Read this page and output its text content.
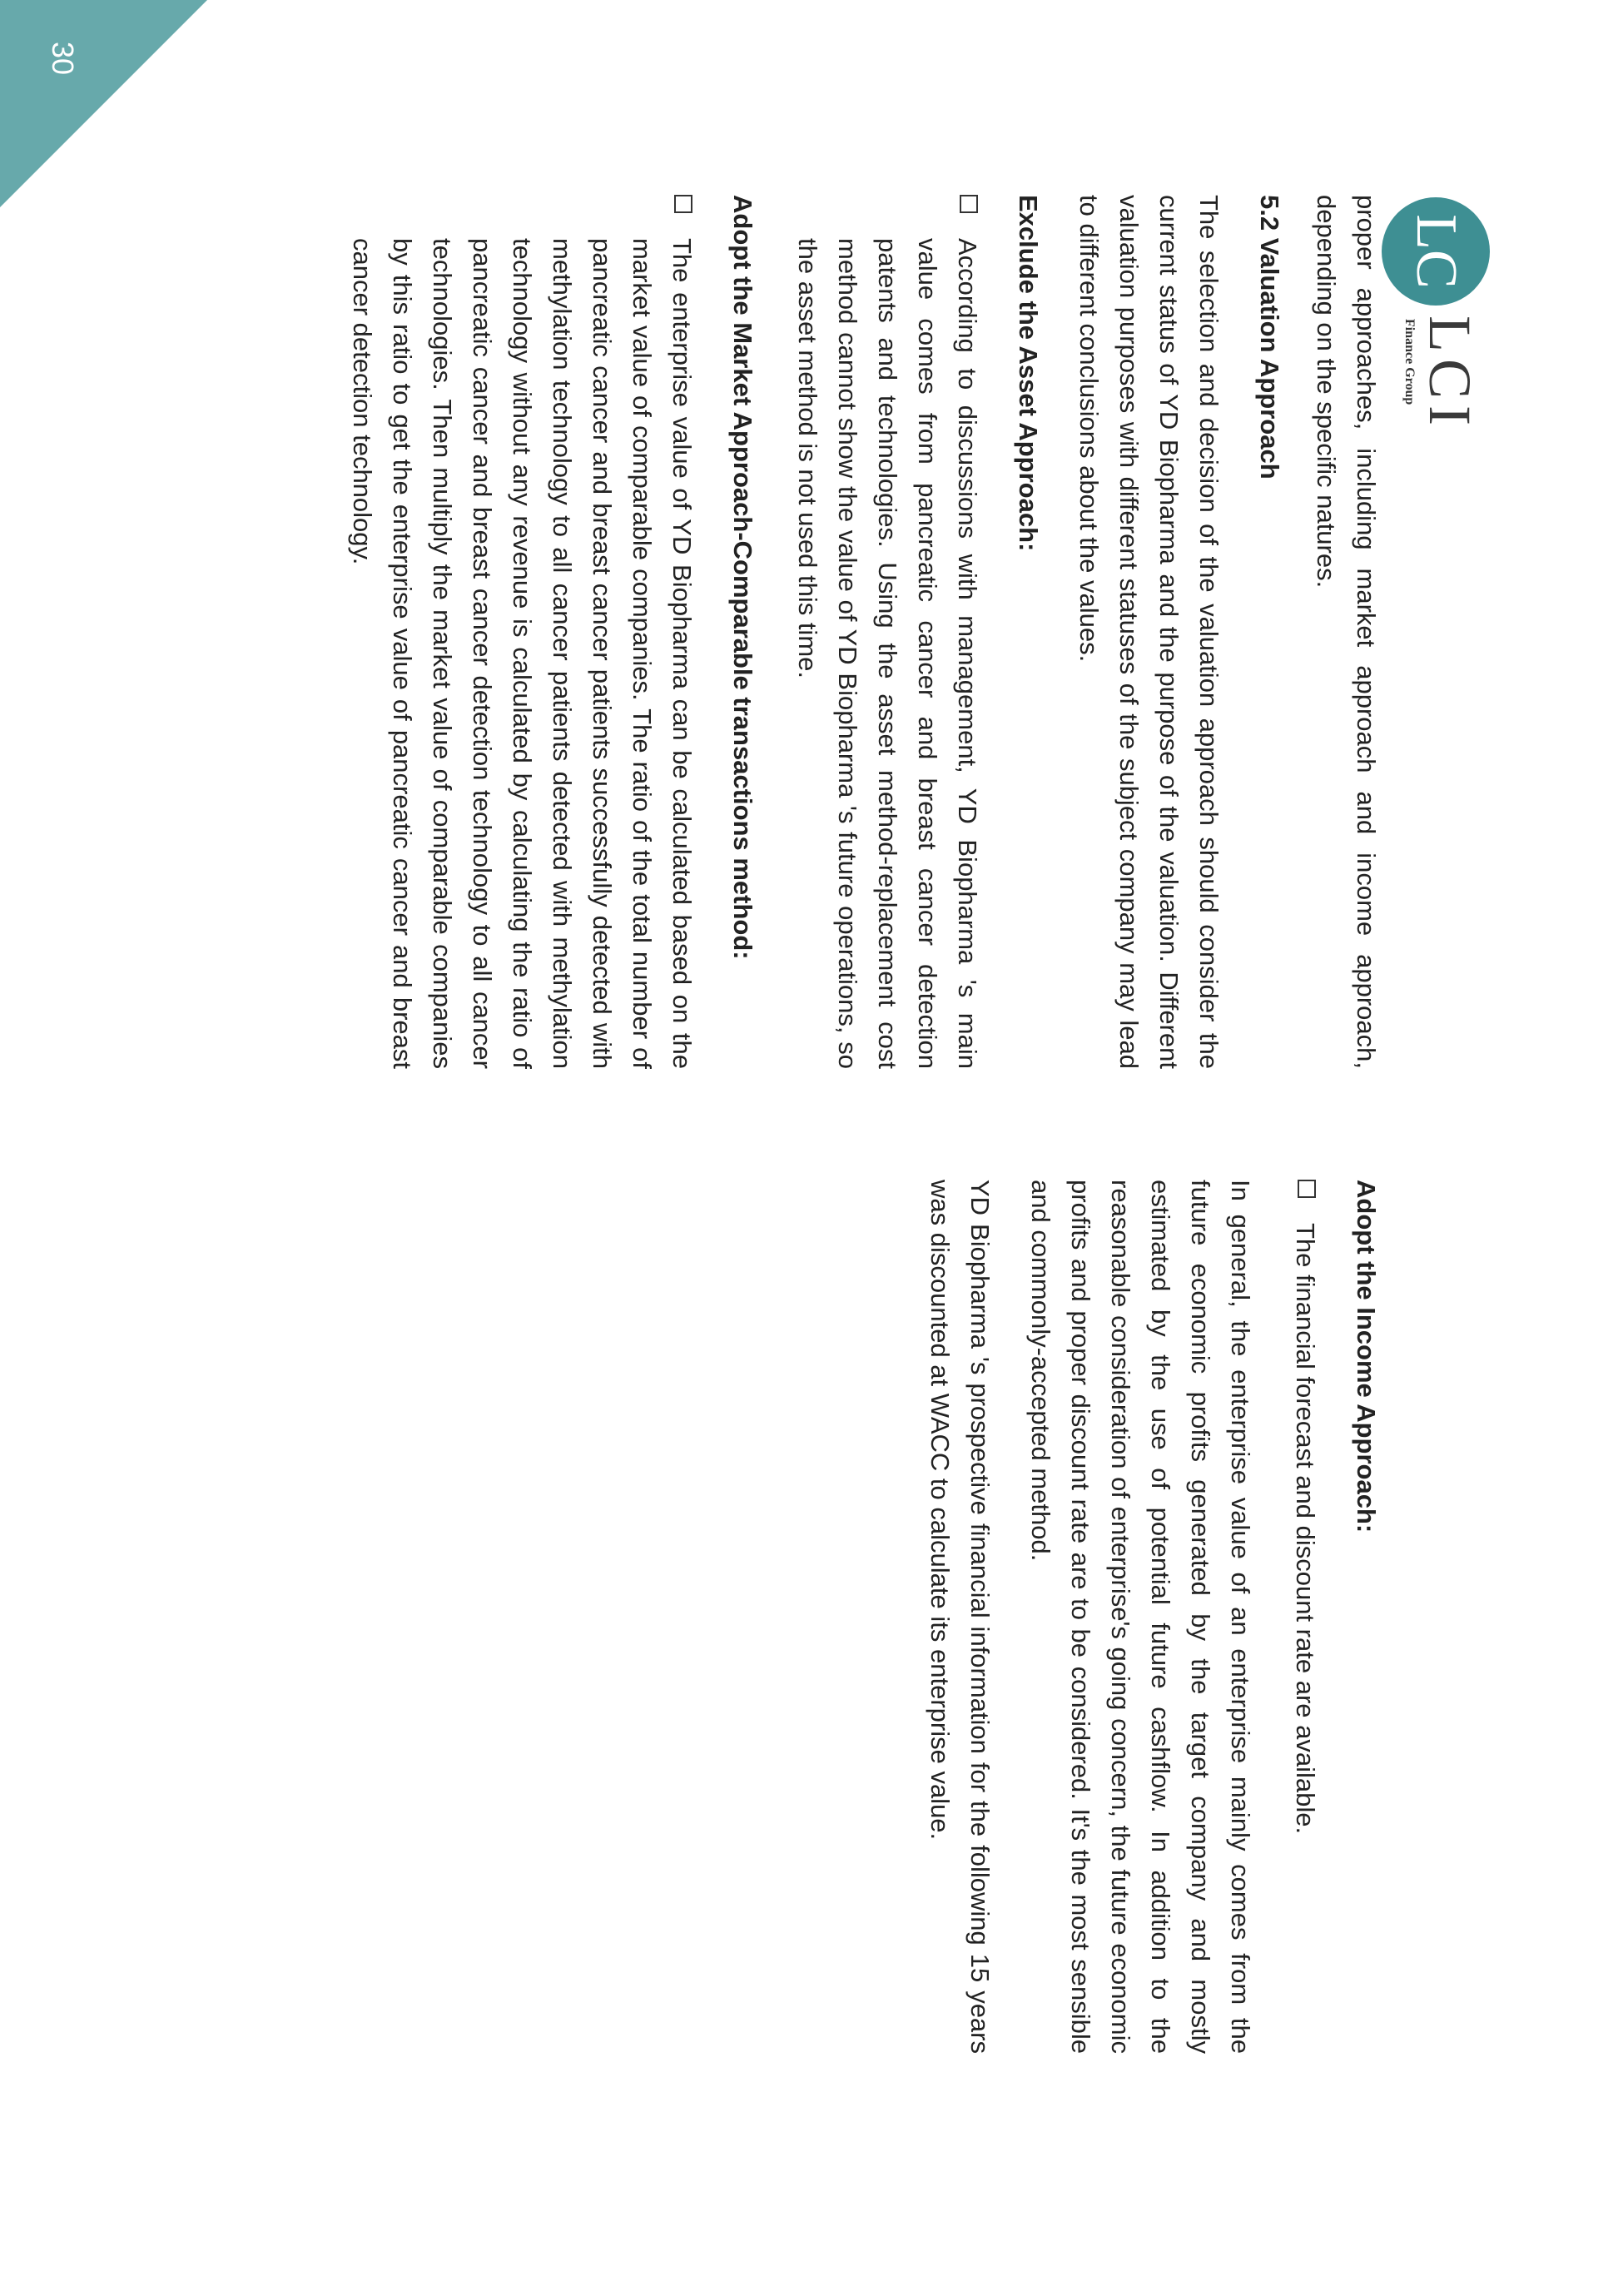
proper approaches, including market approach and income approach, depending on the specific natures.

5.2 Valuation Approach

The selection and decision of the valuation approach should consider the current status of YD Biopharma and the purpose of the valuation. Different valuation purposes with different statuses of the subject company may lead to different conclusions about the values.

Exclude the Asset Approach:

According to discussions with management, YD Biopharma 's main value comes from pancreatic cancer and breast cancer detection patents and technologies. Using the asset method-replacement cost method cannot show the value of YD Biopharma 's future operations, so the asset method is not used this time.

Adopt the Market Approach-Comparable transactions method:

The enterprise value of YD Biopharma can be calculated based on the market value of comparable companies. The ratio of the total number of pancreatic cancer and breast cancer patients successfully detected with methylation technology to all cancer patients detected with methylation technology without any revenue is calculated by calculating the ratio of pancreatic cancer and breast cancer detection technology to all cancer technologies. Then multiply the market value of comparable companies by this ratio to get the enterprise value of pancreatic cancer and breast cancer detection technology.

Adopt the Income Approach:

The financial forecast and discount rate are available.

In general, the enterprise value of an enterprise mainly comes from the future economic profits generated by the target company and mostly estimated by the use of potential future cashflow. In addition to the reasonable consideration of enterprise's going concern, the future economic profits and proper discount rate are to be considered. It's the most sensible and commonly-accepted method.

YD Biopharma 's prospective financial information for the following 15 years was discounted at WACC to calculate its enterprise value.

LC
LCI
Finance Group
30
